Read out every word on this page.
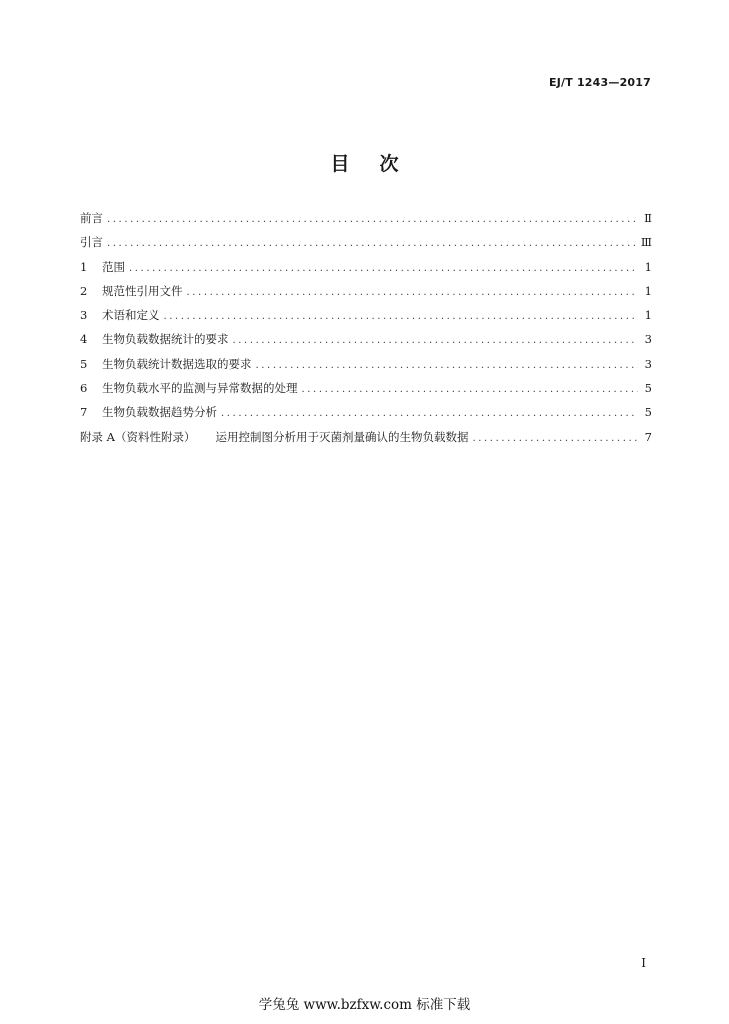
EJ/T 1243—2017
目 次
前言 .....	Ⅱ
引言 .....	Ⅲ
1	范围 .....	1
2	规范性引用文件 .....	1
3	术语和定义 .....	1
4	生物负载数据统计的要求 .....	3
5	生物负载统计数据选取的要求 .....	3
6	生物负载水平的监测与异常数据的处理 .....	5
7	生物负载数据趋势分析 .....	5
附录 A（资料性附录） 运用控制图分析用于灭菌剂量确认的生物负载数据 .....	7
I
学兔兔 www.bzfxw.com 标准下载
